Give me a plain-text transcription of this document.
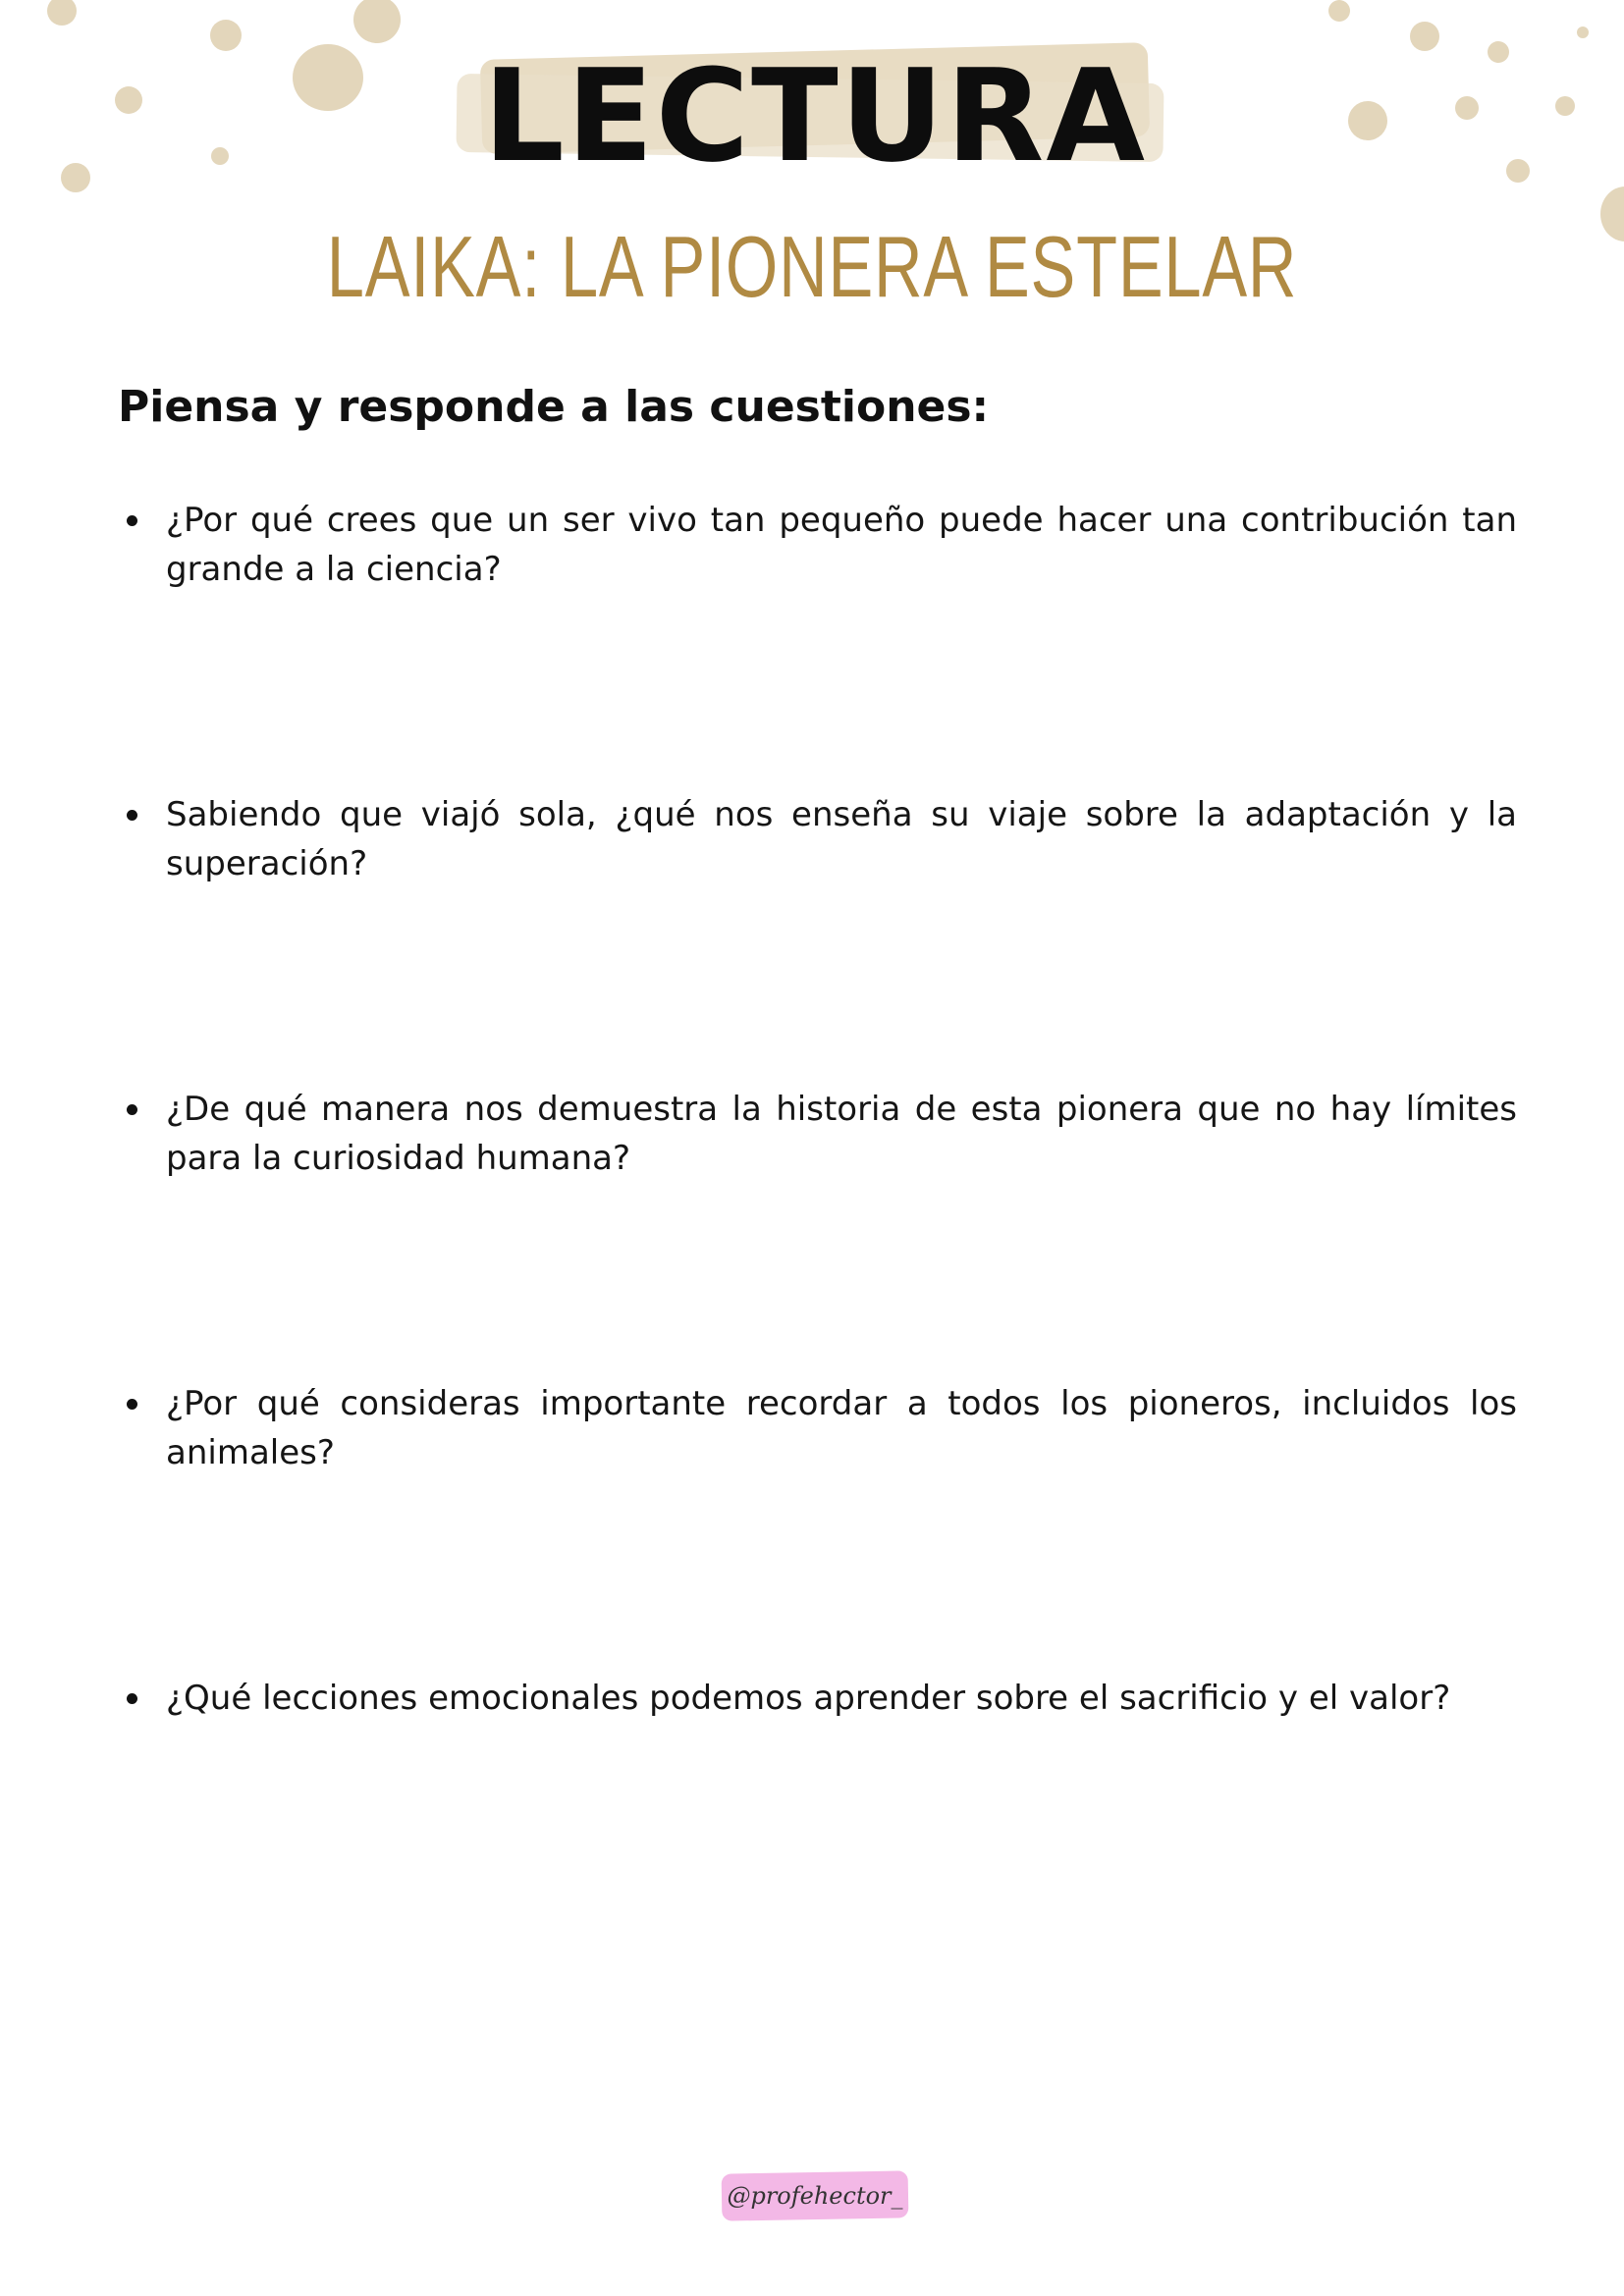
LECTURA
LAIKA: LA PIONERA ESTELAR
Piensa y responde a las cuestiones:
¿Por qué crees que un ser vivo tan pequeño puede hacer una contribución tan grande a la ciencia?
Sabiendo que viajó sola, ¿qué nos enseña su viaje sobre la adaptación y la superación?
¿De qué manera nos demuestra la historia de esta pionera que no hay límites para la curiosidad humana?
¿Por qué consideras importante recordar a todos los pioneros, incluidos los animales?
¿Qué lecciones emocionales podemos aprender sobre el sacrificio y el valor?
@profehector_
